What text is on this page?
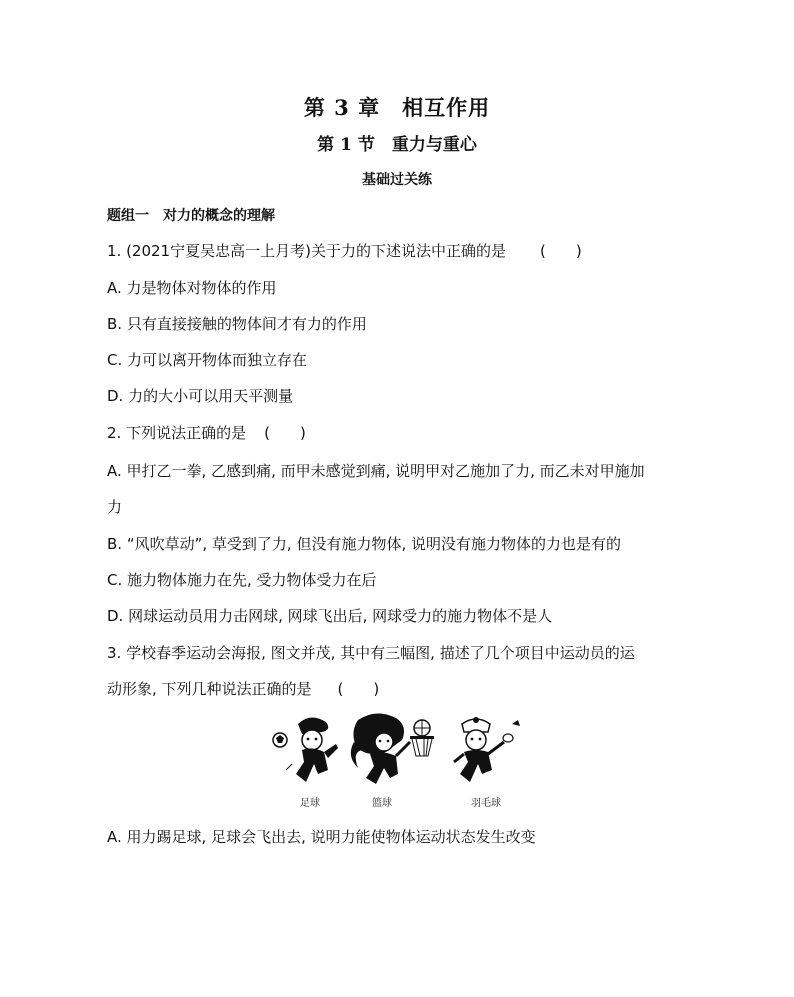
第 3 章　相互作用
第 1 节　重力与重心
基础过关练
题组一　对力的概念的理解
1. (2021宁夏吴忠高一上月考)关于力的下述说法中正确的是 (　　)
A. 力是物体对物体的作用
B. 只有直接接触的物体间才有力的作用
C. 力可以离开物体而独立存在
D. 力的大小可以用天平测量
2. 下列说法正确的是 (　　)
A. 甲打乙一拳, 乙感到痛, 而甲未感觉到痛, 说明甲对乙施加了力, 而乙未对甲施加
力
B. “风吹草动”, 草受到了力, 但没有施力物体, 说明没有施力物体的力也是有的
C. 施力物体施力在先, 受力物体受力在后
D. 网球运动员用力击网球, 网球飞出后, 网球受力的施力物体不是人
3. 学校春季运动会海报, 图文并茂, 其中有三幅图, 描述了几个项目中运动员的运
动形象, 下列几种说法正确的是 (　　)
足球	篮球	羽毛球
A. 用力踢足球, 足球会飞出去, 说明力能使物体运动状态发生改变
